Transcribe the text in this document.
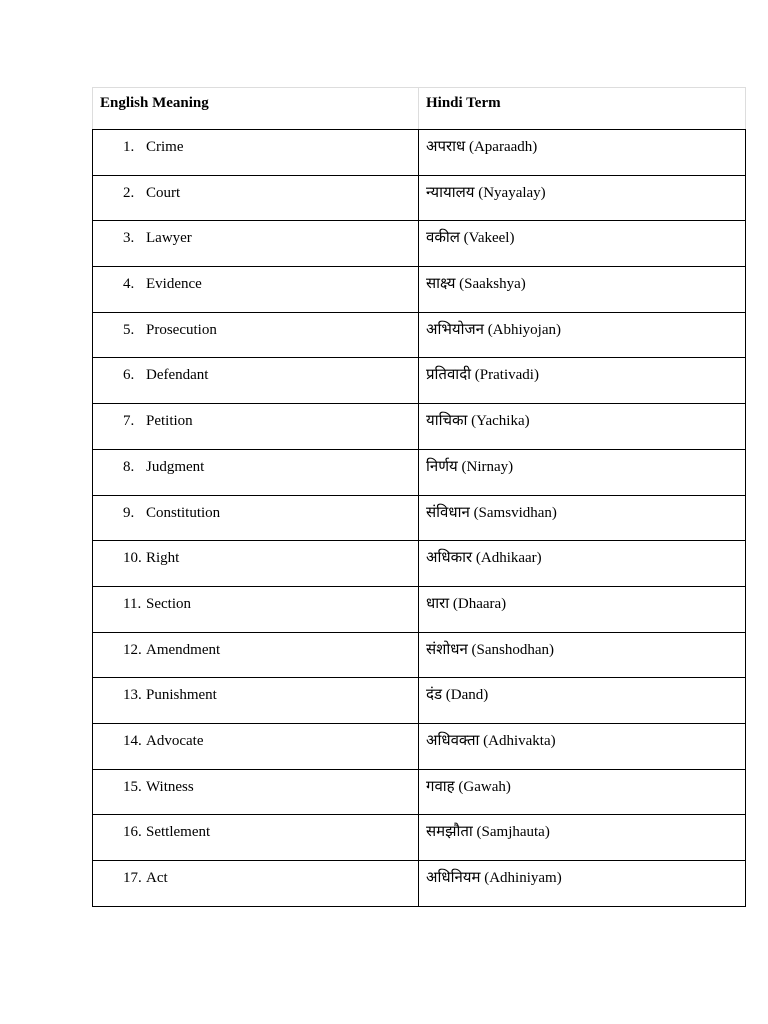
English Meaning	Hindi Term
1. Crime	अपराध (Aparaadh)
2. Court	न्यायालय (Nyayalay)
3. Lawyer	वकील (Vakeel)
4. Evidence	साक्ष्य (Saakshya)
5. Prosecution	अभियोजन (Abhiyojan)
6. Defendant	प्रतिवादी (Prativadi)
7. Petition	याचिका (Yachika)
8. Judgment	निर्णय (Nirnay)
9. Constitution	संविधान (Samsvidhan)
10. Right	अधिकार (Adhikaar)
11. Section	धारा (Dhaara)
12. Amendment	संशोधन (Sanshodhan)
13. Punishment	दंड (Dand)
14. Advocate	अधिवक्ता (Adhivakta)
15. Witness	गवाह (Gawah)
16. Settlement	समझौता (Samjhauta)
17. Act	अधिनियम (Adhiniyam)
